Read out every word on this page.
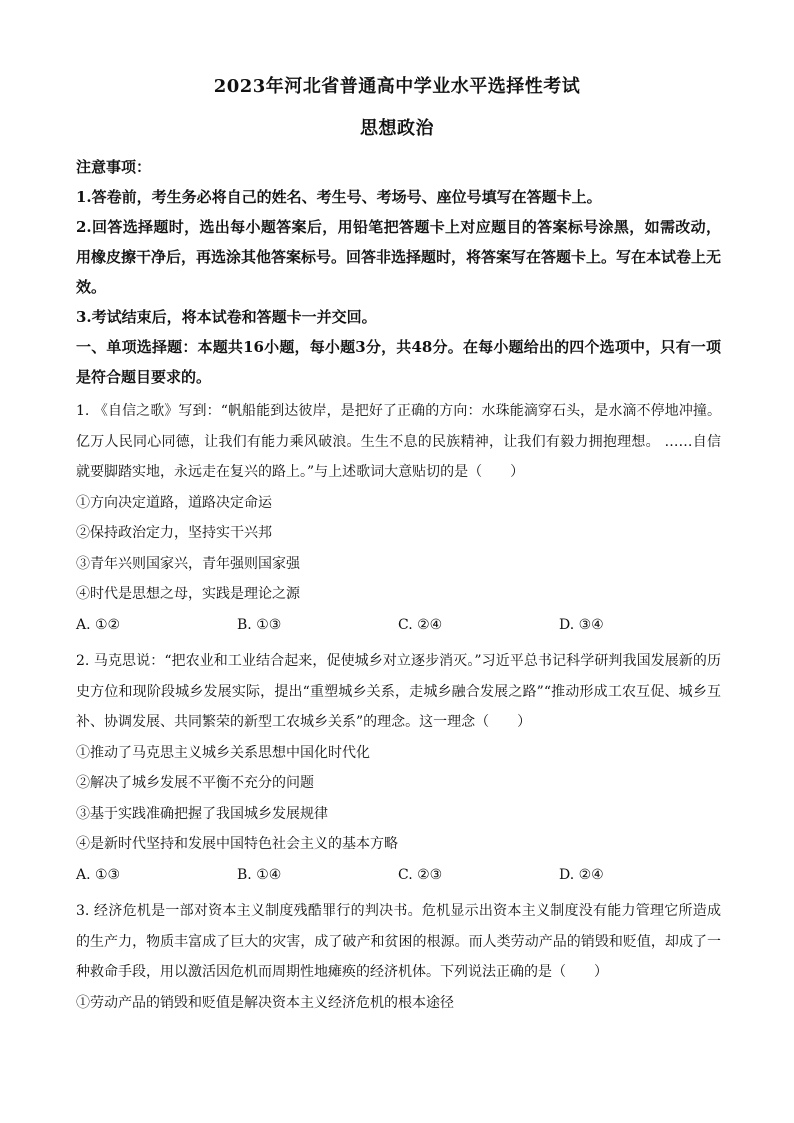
2023年河北省普通高中学业水平选择性考试
思想政治

注意事项：

1.答卷前，考生务必将自己的姓名、考生号、考场号、座位号填写在答题卡上。

2.回答选择题时，选出每小题答案后，用铅笔把答题卡上对应题目的答案标号涂黑，如需改动，用橡皮擦干净后，再选涂其他答案标号。回答非选择题时，将答案写在答题卡上。写在本试卷上无效。

3.考试结束后，将本试卷和答题卡一并交回。

一、单项选择题：本题共16小题，每小题3分，共48分。在每小题给出的四个选项中，只有一项是符合题目要求的。

1. 《自信之歌》写到：“帆船能到达彼岸，是把好了正确的方向：水珠能滴穿石头，是水滴不停地冲撞。亿万人民同心同德，让我们有能力乘风破浪。生生不息的民族精神，让我们有毅力拥抱理想。 ……自信就要脚踏实地，永远走在复兴的路上。”与上述歌词大意贴切的是（　　）

①方向决定道路，道路决定命运

②保持政治定力，坚持实干兴邦

③青年兴则国家兴，青年强则国家强

④时代是思想之母，实践是理论之源

A. ①②	B. ①③	C. ②④	D. ③④

2. 马克思说：“把农业和工业结合起来，促使城乡对立逐步消灭。”习近平总书记科学研判我国发展新的历史方位和现阶段城乡发展实际，提出“重塑城乡关系，走城乡融合发展之路”“推动形成工农互促、城乡互补、协调发展、共同繁荣的新型工农城乡关系”的理念。这一理念（　　）

①推动了马克思主义城乡关系思想中国化时代化

②解决了城乡发展不平衡不充分的问题

③基于实践准确把握了我国城乡发展规律

④是新时代坚持和发展中国特色社会主义的基本方略

A. ①③	B. ①④	C. ②③	D. ②④

3. 经济危机是一部对资本主义制度残酷罪行的判决书。危机显示出资本主义制度没有能力管理它所造成的生产力，物质丰富成了巨大的灾害，成了破产和贫困的根源。而人类劳动产品的销毁和贬值，却成了一种救命手段，用以激活因危机而周期性地瘫痪的经济机体。下列说法正确的是（　　）

①劳动产品的销毁和贬值是解决资本主义经济危机的根本途径
